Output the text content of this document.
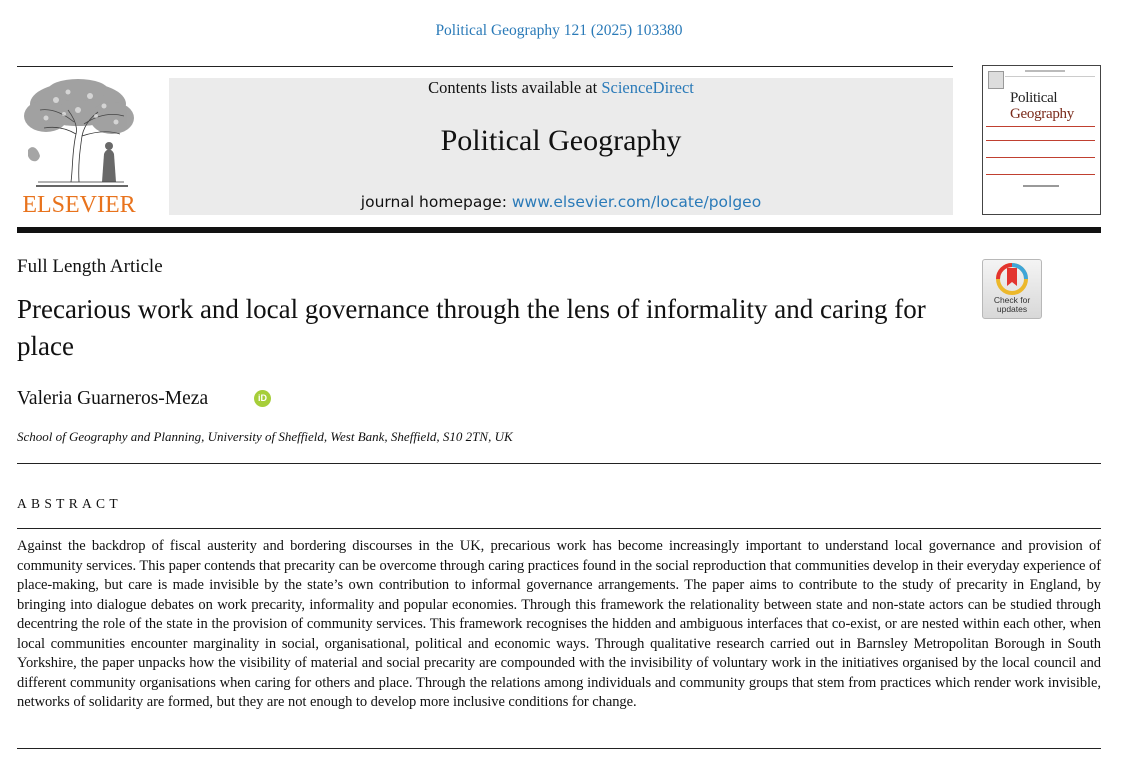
Political Geography 121 (2025) 103380
ELSEVIER
Contents lists available at ScienceDirect
Political Geography
journal homepage: www.elsevier.com/locate/polgeo
Political
Geography
Full Length Article
Precarious work and local governance through the lens of informality and caring for place
Check for
updates
Valeria Guarneros-Meza	iD
School of Geography and Planning, University of Sheffield, West Bank, Sheffield, S10 2TN, UK
ABSTRACT
Against the backdrop of fiscal austerity and bordering discourses in the UK, precarious work has become increasingly important to understand local governance and provision of community services. This paper contends that precarity can be overcome through caring practices found in the social reproduction that communities develop in their everyday experience of place-making, but care is made invisible by the state’s own contribution to informal governance arrangements. The paper aims to contribute to the study of precarity in England, by bringing into dialogue debates on work precarity, informality and popular economies. Through this framework the relationality between state and non-state actors can be studied through decentring the role of the state in the provision of community services. This framework recognises the hidden and ambiguous interfaces that co-exist, or are nested within each other, when local communities encounter marginality in social, organisational, political and economic ways. Through qualitative research carried out in Barnsley Metropolitan Borough in South Yorkshire, the paper unpacks how the visibility of material and social precarity are compounded with the invisibility of voluntary work in the initiatives organised by the local council and different community organisations when caring for others and place. Through the relations among individuals and community groups that stem from practices which render work invisible, networks of solidarity are formed, but they are not enough to develop more inclusive conditions for change.
